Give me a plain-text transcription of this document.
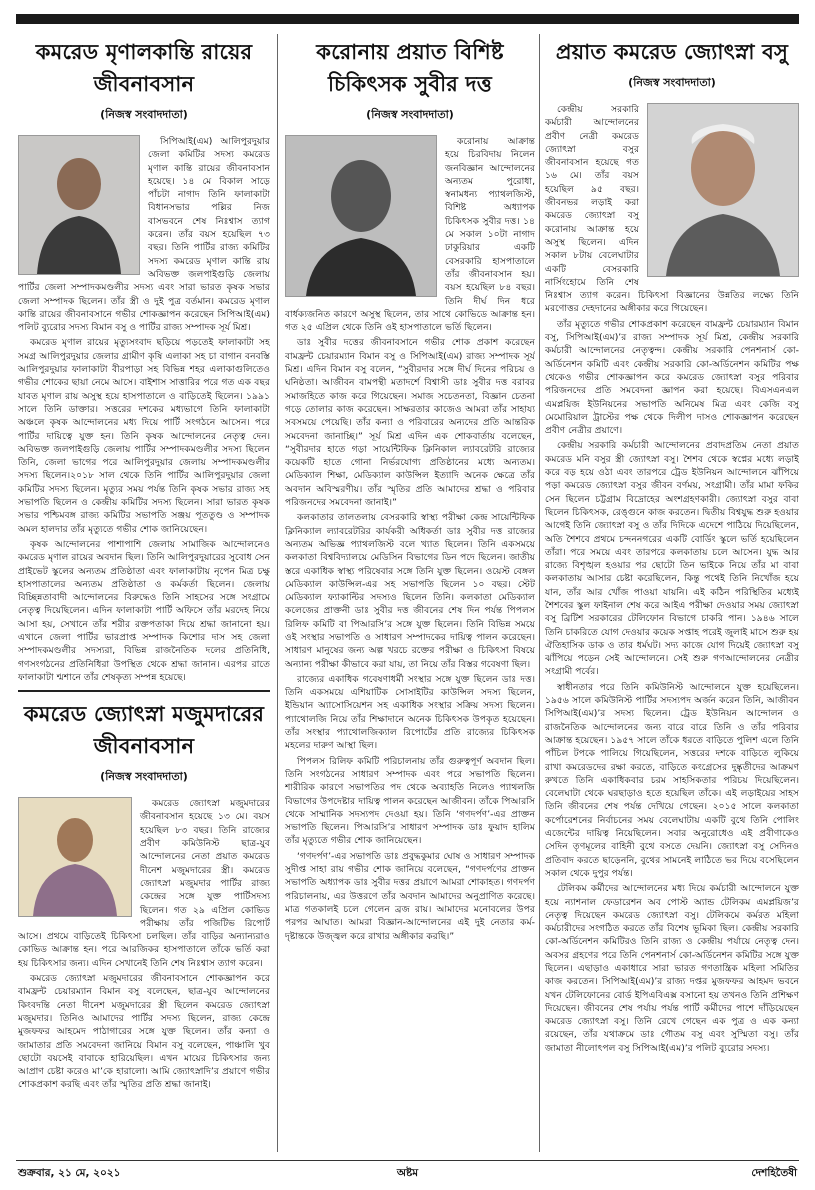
কমরেড মৃণালকান্তি রায়ের জীবনাবসান
(নিজস্ব সংবাদদাতা)

সিপিআই(এম) আলিপুরদুয়ার জেলা কমিটির সদস্য কমরেড মৃণাল কান্তি রায়ের জীবনাবসান হয়েছে। ১৪ মে বিকাল সাড়ে পাঁচটা নাগাদ তিনি ফালাকাটা বিধানসভার পল্লির নিজ বাসভবনে শেষ নিঃশ্বাস ত্যাগ করেন। তাঁর বয়স হয়েছিল ৭৩ বছর। তিনি পার্টির রাজ্য কমিটির সদস্য কমরেড মৃণাল কান্তি রায় অবিভক্ত জলপাইগুড়ি জেলায় পার্টির জেলা সম্পাদকমণ্ডলীর সদস্য এবং সারা ভারত কৃষক সভার জেলা সম্পাদক ছিলেন। তাঁর স্ত্রী ও দুই পুত্র বর্তমান। কমরেড মৃণাল কান্তি রায়ের জীবনাবসানে গভীর শোকজ্ঞাপন করেছেন সিপিআই(এম) পলিট ব্যুরোর সদস্য বিমান বসু ও পার্টির রাজ্য সম্পাদক সূর্য মিশ্র।

কমরেড মৃণাল রায়ের মৃত্যুসংবাদ ছড়িয়ে পড়তেই ফালাকাটা সহ সমগ্র আলিপুরদুয়ার জেলার গ্রামীণ কৃষি এলাকা সহ চা বাগান বনবস্তি আলিপুরদুয়ার ফালাকাটা বীরপাড়া সহ বিভিন্ন শহর এলাকাগুলিতেও গভীর শোকের ছায়া নেমে আসে। বাইশাস সাত্তারির পরে গত এক বছর যাবত মৃণাল রায় অসুস্থ হয়ে হাসপাতালে ও বাড়িতেই ছিলেন। ১৯৯১ সালে তিনি ডাক্তার। সত্তরের দশকের মধ্যভাগে তিনি ফালাকাটা অঞ্চলে কৃষক আন্দোলনের মধ্য দিয়ে পার্টি সংগঠনে আসেন। পরে পার্টির দায়িত্বে যুক্ত হন। তিনি কৃষক আন্দোলনের নেতৃত্ব দেন। অবিভক্ত জলপাইগুড়ি জেলায় পার্টির সম্পাদকমণ্ডলীর সদস্য ছিলেন তিনি, জেলা ভাগের পরে আলিপুরদুয়ার জেলায় সম্পাদকমণ্ডলীর সদস্য ছিলেন।২০১৮ সাল থেকে তিনি পার্টির আলিপুরদুয়ার জেলা কমিটির সদস্য ছিলেন। মৃত্যুর সময় পর্যন্ত তিনি কৃষক সভার রাজ্য সহ সভাপতি ছিলেন ও কেন্দ্রীয় কমিটির সদস্য ছিলেন। সারা ভারত কৃষক সভার পশ্চিমবঙ্গ রাজ্য কমিটির সভাপতি সঞ্জয় পূততুণ্ড ও সম্পাদক অমল হালদার তাঁর মৃত্যুতে গভীর শোক জানিয়েছেন।

কৃষক আন্দোলনের পাশাপাশি জেলায় সামাজিক আন্দোলনেও কমরেড মৃণাল রায়ের অবদান ছিল। তিনি আলিপুরদুয়ারের সুবোধ সেন প্রাইভেট স্কুলের অন্যতম প্রতিষ্ঠাতা এবং ফালাকাটায় নৃপেন মিত্র চক্ষু হাসপাতালের অন্যতম প্রতিষ্ঠাতা ও কর্মকর্তা ছিলেন। জেলায় বিচ্ছিন্নতাবাদী আন্দোলনের বিরুদ্ধেও তিনি সাহসের সঙ্গে সংগ্রামে নেতৃত্ব দিয়েছিলেন। এদিন ফালাকাটা পার্টি অফিসে তাঁর মরদেহ নিয়ে আসা হয়, সেখানে তাঁর শরীর রক্তপতাকা দিয়ে শ্রদ্ধা জানানো হয়। এখানে জেলা পার্টির ভারপ্রাপ্ত সম্পাদক কিশোর দাস সহ জেলা সম্পাদকমণ্ডলীর সদস্যরা, বিভিন্ন রাজনৈতিক দলের প্রতিনিধি, গণসংগঠনের প্রতিনিধিরা উপস্থিত থেকে শ্রদ্ধা জানান। এরপর রাতে ফালাকাটা শ্মশানে তাঁর শেষকৃত্য সম্পন্ন হয়েছে।

কমরেড জ্যোৎস্না মজুমদারের জীবনাবসান
(নিজস্ব সংবাদদাতা)

কমরেড জ্যোৎস্না মজুমদারের জীবনাবসান হয়েছে ১৩ মে। বয়স হয়েছিল ৮৩ বছর। তিনি রাজ্যের প্রবীণ কমিউনিস্ট ছাত্র-যুব আন্দোলনের নেতা প্রয়াত কমরেড দীনেশ মজুমদারের স্ত্রী। কমরেড জ্যোৎস্না মজুমদার পার্টির রাজ্য কেন্দ্রের সঙ্গে যুক্ত পার্টিসদস্য ছিলেন। গত ২৯ এপ্রিল কোভিড পরীক্ষায় তাঁর পজিটিভ রিপোর্ট আসে। প্রথমে বাড়িতেই চিকিৎসা চলছিল। তাঁর বাড়ির অন্যান্যরাও কোভিড আক্রান্ত হন। পরে আরজিকর হাসপাতালে তাঁকে ভর্তি করা হয় চিকিৎসার জন্য। এদিন সেখানেই তিনি শেষ নিঃশ্বাস ত্যাগ করেন।

কমরেড জ্যোৎস্না মজুমদারের জীবনাবসানে শোকজ্ঞাপন করে বামফ্রন্ট চেয়ারম্যান বিমান বসু বলেছেন, ছাত্র-যুব আন্দোলনের কিংবদন্তি নেতা দীনেশ মজুমদারের স্ত্রী ছিলেন কমরেড জ্যোৎস্না মজুমদার। তিনিও আমাদের পার্টির সদস্য ছিলেন, রাজ্য কেন্দ্রে মুজফফর আহমেদ পাঠাগারের সঙ্গে যুক্ত ছিলেন। তাঁর কন্যা ও জামাতার প্রতি সমবেদনা জানিয়ে বিমান বসু বলেছেন, পাঞ্চালি খুব ছোটো বয়সেই বাবাকে হারিয়েছিল। এখন মায়ের চিকিৎসার জন্য আপ্রাণ চেষ্টা করেও মা’কে হারালো। আমি জ্যোৎস্নাদি’র প্রয়াণে গভীর শোকপ্রকাশ করছি এবং তাঁর স্মৃতির প্রতি শ্রদ্ধা জানাই।

করোনায় প্রয়াত বিশিষ্ট চিকিৎসক সুবীর দত্ত
(নিজস্ব সংবাদদাতা)

করোনায় আক্রান্ত হয়ে চিরবিদায় নিলেন জনবিজ্ঞান আন্দোলনের অন্যতম পুরোধা, স্বনামধন্য প্যাথলজিস্ট, বিশিষ্ট অধ্যাপক চিকিৎসক সুবীর দত্ত। ১৪ মে সকাল ১০টা নাগাদ ঢাকুরিয়ার একটি বেসরকারি হাসপাতালে তাঁর জীবনাবসান হয়। বয়স হয়েছিল ৮৪ বছর। তিনি দীর্ঘ দিন ধরে বার্ধক্যজনিত কারণে অসুস্থ ছিলেন, তার সাথে কোভিডে আক্রান্ত হন। গত ২৫ এপ্রিল থেকে তিনি ওই হাসপাতালে ভর্তি ছিলেন।

ডাঃ সুবীর দত্তের জীবনাবসানে গভীর শোক প্রকাশ করেছেন বামফ্রন্ট চেয়ারম্যান বিমান বসু ও সিপিআই(এম) রাজ্য সম্পাদক সূর্য মিশ্র। এদিন বিমান বসু বলেন, “সুবীরদার সঙ্গে দীর্ঘ দিনের পরিচয় ও ঘনিষ্ঠতা। আজীবন বামপন্থী মতাদর্শে বিশ্বাসী ডাঃ সুবীর দত্ত বরাবর সমাজহিতে কাজ করে গিয়েছেন। সমাজ সচেতনতা, বিজ্ঞান চেতনা গড়ে তোলার কাজ করেছেন। সাক্ষরতার কাজেও আমরা তাঁর সাহায্য সবসময়ে পেয়েছি। তাঁর কন্যা ও পরিবারের অন্যদের প্রতি আন্তরিক সমবেদনা জানাচ্ছি।” সূর্য মিশ্র এদিন এক শোকবার্তায় বলেছেন, “সুবীরদার হাতে গড়া সায়েন্টিফিক ক্লিনিকাল ল্যাবরেটরি রাজ্যের কয়েকটি হাতে গোনা নির্ভরযোগ্য প্রতিষ্ঠানের মধ্যে অন্যতম। মেডিক্যাল শিক্ষা, মেডিক্যাল কাউন্সিল ইত্যাদি অনেক ক্ষেত্রে তাঁর অবদান অবিস্মরণীয়। তাঁর স্মৃতির প্রতি আমাদের শ্রদ্ধা ও পরিবার পরিজনদের সমবেদনা জানাই।”

কলকাতার তালতলায় বেসরকারি স্বাস্থ্য পরীক্ষা কেন্দ্র সায়েন্টিফিক ক্লিনিক্যাল ল্যাবরেটরির কার্যকরী অধিকর্তা ডাঃ সুবীর দত্ত রাজ্যের অন্যতম অভিজ্ঞ প্যাথলজিস্ট বলে খ্যাত ছিলেন। তিনি একসময়ে কলকাতা বিশ্ববিদ্যালয়ে মেডিসিন বিভাগের ডিন পদে ছিলেন। জাতীয় স্তরে একাধিক স্বাস্থ্য পরিষেবার সঙ্গে তিনি যুক্ত ছিলেন। ওয়েস্ট বেঙ্গল মেডিক্যাল কাউন্সিল-এর সহ সভাপতি ছিলেন ১০ বছর। স্টেট মেডিক্যাল ফ্যাকাল্টির সদস্যও ছিলেন তিনি। কলকাতা মেডিক্যাল কলেজের প্রাক্তনী ডাঃ সুবীর দত্ত জীবনের শেষ দিন পর্যন্ত পিপলস রিলিফ কমিটি বা পিআরসি’র সঙ্গে যুক্ত ছিলেন। তিনি বিভিন্ন সময়ে ওই সংস্থার সভাপতি ও সাধারণ সম্পাদকের দায়িত্ব পালন করেছেন। সাধারণ মানুষের জন্য অল্প খরচে রক্তের পরীক্ষা ও চিকিৎসা বিষয়ে অন্যান্য পরীক্ষা কীভাবে করা যায়, তা নিয়ে তাঁর বিস্তর গবেষণা ছিল।

রাজ্যের একাধিক গবেষণাধর্মী সংস্থার সঙ্গে যুক্ত ছিলেন ডাঃ দত্ত। তিনি একসময়ে এশিয়াটিক সোসাইটির কাউন্সিল সদস্য ছিলেন, ইন্ডিয়ান অ্যাসোসিয়েশন সহ একাধিক সংস্থার সক্রিয় সদস্য ছিলেন। প্যাথোলজি নিয়ে তাঁর শিক্ষাদানে অনেক চিকিৎসক উপকৃত হয়েছেন। তাঁর সংস্থার প্যাথোলজিক্যাল রিপোর্টের প্রতি রাজ্যের চিকিৎসক মহলের দারুণ আস্থা ছিল।

পিপলস রিলিফ কমিটি পরিচালনায় তাঁর গুরুত্বপূর্ণ অবদান ছিল। তিনি সংগঠনের সাধারণ সম্পাদক এবং পরে সভাপতি ছিলেন। শারীরিক কারণে সভাপতির পদ থেকে অব্যাহতি নিলেও প্যাথলজি বিভাগের উপদেষ্টার দায়িত্ব পালন করেছেন আজীবন। তাঁকে পিআরসি থেকে সাম্মানিক সদস্যপদ দেওয়া হয়। তিনি ‘গণদর্পণ’-এর প্রাক্তন সভাপতি ছিলেন। পিআরসি’র সাধারণ সম্পাদক ডাঃ ফুয়াদ হালিম তাঁর মৃত্যুতে গভীর শোক জানিয়েছেন।

‘গণদর্পণ’-এর সভাপতি ডাঃ প্রবুদ্ধকুমার ঘোষ ও সাধারণ সম্পাদক সুদীপ্ত সাহা রায় গভীর শোক জানিয়ে বলেছেন, “গণদর্পণের প্রাক্তন সভাপতি অধ্যাপক ডাঃ সুবীর দত্তর প্রয়াণে আমরা শোকাহত। গণদর্পণ পরিচালনায়, এর উত্তরণে তাঁর অবদান আমাদের অনুপ্রাণিত করেছে। মাত্র গতকালই চলে গেলেন ব্রজ রায়। আমাদের মনোবলের উপর পরপর আঘাত। আমরা বিজ্ঞান-আন্দোলনের এই দুই নেতার কর্ম-দৃষ্টান্তকে উজ্জ্বল করে রাখার অঙ্গীকার করছি।”

প্রয়াত কমরেড জ্যোৎস্না বসু
(নিজস্ব সংবাদদাতা)

কেন্দ্রীয় সরকারি কর্মচারী আন্দোলনের প্রবীণ নেত্রী কমরেড জ্যোৎস্না বসুর জীবনাবসান হয়েছে গত ১৬ মে। তাঁর বয়স হয়েছিল ৯৫ বছর। জীবনভর লড়াই করা কমরেড জ্যোৎস্না বসু করোনায় আক্রান্ত হয়ে অসুস্থ ছিলেন। এদিন সকাল ৮টায় বেলেঘাটার একটি বেসরকারি নার্সিংহোমে তিনি শেষ নিঃশ্বাস ত্যাগ করেন। চিকিৎসা বিজ্ঞানের উন্নতির লক্ষ্যে তিনি মরণোত্তর দেহদানের অঙ্গীকার করে গিয়েছেন।

তাঁর মৃত্যুতে গভীর শোকপ্রকাশ করেছেন বামফ্রন্ট চেয়ারম্যান বিমান বসু, সিপিআই(এম)’র রাজ্য সম্পাদক সূর্য মিশ্র, কেন্দ্রীয় সরকারি কর্মচারী আন্দোলনের নেতৃত্বন্দ। কেন্দ্রীয় সরকারি পেনশনার্স কো-অর্ডিনেশন কমিটি এবং কেন্দ্রীয় সরকারি কো-অর্ডিনেশন কমিটির পক্ষ থেকেও গভীর শোকজ্ঞাপন করে কমরেড জ্যোৎস্না বসুর পরিবার পরিজনদের প্রতি সমবেদনা জ্ঞাপন করা হয়েছে। বিএসএনএল এমপ্লয়িজ ইউনিয়নের সভাপতি অনিমেষ মিত্র এবং কেজি বসু মেমোরিয়াল ট্রাস্টের পক্ষ থেকে দিলীপ দাসও শোকজ্ঞাপন করেছেন প্রবীণ নেত্রীর প্রয়াণে।

কেন্দ্রীয় সরকারি কর্মচারী আন্দোলনের প্রবাদপ্রতিম নেতা প্রয়াত কমরেড মনি বসুর স্ত্রী জ্যোৎস্না বসু। শৈশব থেকে স্বপ্নের মধ্যে লড়াই করে বড় হয়ে ওঠা এবং তারপরে ট্রেড ইউনিয়ন আন্দোলনে ঝাঁপিয়ে পড়া কমরেড জ্যোৎস্না বসুর জীবন বর্ণময়, সংগ্রামী। তাঁর মামা ফকির সেন ছিলেন চট্টগ্রাম বিদ্রোহের অংশগ্রহণকারী। জ্যোৎস্না বসুর বাবা ছিলেন চিকিৎসক, রেঙ্গুনে কাজ করতেন। দ্বিতীয় বিশ্বযুদ্ধ শুরু হওয়ার আগেই তিনি জ্যোৎস্না বসু ও তাঁর দিদিকে এদেশে পাঠিয়ে দিয়েছিলেন, অতি শৈশবে প্রথমে চন্দননগরের একটি বোর্ডিং স্কুলে ভর্তি হয়েছিলেন তাঁরা। পরে সময়ে এবং তারপরে কলকাতায় চলে আসেন। যুদ্ধ আর রাজ্যে বিশৃঙ্খল হওয়ার পর ছোটো তিন ভাইকে নিয়ে তাঁর মা বাবা কলকাতায় আসার চেষ্টা করেছিলেন, কিন্তু পথেই তিনি নিখোঁজ হয়ে যান, তাঁর আর খোঁজ পাওয়া যায়নি। এই কঠিন পরিস্থিতির মধ্যেই শৈশবের স্কুল ফাইনাল শেষ করে আইএ পরীক্ষা দেওয়ার সময় জ্যোৎস্না বসু ব্রিটিশ সরকারের টেলিফোন বিভাগে চাকরি পান। ১৯৪৬ সালে তিনি চাকরিতে যোগ দেওয়ার কয়েক সপ্তাহ পরেই জুলাই মাসে শুরু হয় ঐতিহাসিক ডাক ও তার ধর্মঘট। সদ্য কাজে যোগ দিয়েই জ্যোৎস্না বসু ঝাঁপিয়ে পড়েন সেই আন্দোলনে। সেই শুরু গণআন্দোলনের নেত্রীর সংগ্রামী পর্বের।

স্বাধীনতার পরে তিনি কমিউনিস্ট আন্দোলনে যুক্ত হয়েছিলেন। ১৯৫৬ সালে কমিউনিস্ট পার্টির সদস্যপদ অর্জন করেন তিনি, আজীবন সিপিআই(এম)’র সদস্য ছিলেন। ট্রেড ইউনিয়ন আন্দোলন ও রাজনৈতিক আন্দোলনের জন্য বারে বারে তিনি ও তাঁর পরিবার আক্রান্ত হয়েছেন। ১৯৫৭ সালে তাঁকে ধরতে বাড়িতে পুলিশ এলে তিনি পাঁচিল টপকে পালিয়ে গিয়েছিলেন, সত্তরের দশকে বাড়িতে লুকিয়ে রাখা কমরেডদের রক্ষা করতে, বাড়িতে কংগ্রেসের দুষ্কৃতীদের আক্রমণ রুখতে তিনি একাধিকবার চরম সাহসিকতার পরিচয় দিয়েছিলেন। বেলেঘাটা থেকে ঘরছাড়াও হতে হয়েছিল তাঁকে। এই লড়াইয়ের সাহস তিনি জীবনের শেষ পর্যন্ত দেখিয়ে গেছেন। ২০১৫ সালে কলকাতা কর্পোরেশনের নির্বাচনের সময় বেলেঘাটায় একটি বুথে তিনি পোলিং এজেন্টের দায়িত্ব নিয়েছিলেন। সবার অনুরোধেও এই প্রবীণাকেও সেদিন তৃণমূলের বাহিনী বুথে বসতে দেয়নি। জ্যোৎস্না বসু সেদিনও প্রতিবাদ করতে ছাড়েননি, বুথের সামনেই লাঠিতে ভর দিয়ে বসেছিলেন সকাল থেকে দুপুর পর্যন্ত।

টেলিকম কর্মীদের আন্দোলনের মধ্য দিয়ে কর্মচারী আন্দোলনে যুক্ত হয়ে ন্যাশনাল ফেডারেশন অব পোস্ট অ্যান্ড টেলিকম এমপ্লয়িজ’র নেতৃত্ব দিয়েছেন কমরেড জ্যোৎস্না বসু। টেলিকমে কর্মরত মহিলা কর্মচারীদের সংগঠিত করতে তাঁর বিশেষ ভূমিকা ছিল। কেন্দ্রীয় সরকারি কো-অর্ডিনেশন কমিটিরও তিনি রাজ্য ও কেন্দ্রীয় পর্যায়ে নেতৃত্ব দেন। অবসর গ্রহণের পরে তিনি পেনশনার্স কো-অর্ডিনেশন কমিটির সঙ্গে যুক্ত ছিলেন। এছাড়াও একাধারে সারা ভারত গণতান্ত্রিক মহিলা সমিতির কাজ করতেন। সিপিআই(এম)’র রাজ্য দপ্তর মুজফফর আহমদ ভবনে যখন টেলিফোনের বোর্ড ইপিএবিএক্স বসানো হয় তখনও তিনি প্রশিক্ষণ দিয়েছেন। জীবনের শেষ পর্যায় পর্যন্ত পার্টি কর্মীদের পাশে দাঁড়িয়েছেন কমরেড জ্যোৎস্না বসু। তিনি রেখে গেছেন এক পুত্র ও এক কন্যা রয়েছেন, তাঁর যথাক্রমে ডাঃ গৌতম বসু এবং সুস্মিতা বসু। তাঁর জামাতা নীলোৎপল বসু সিপিআই(এম)’র পলিট ব্যুরোর সদস্য।

শুক্রবার, ২১ মে, ২০২১	অষ্টম	দেশহিতৈষী
